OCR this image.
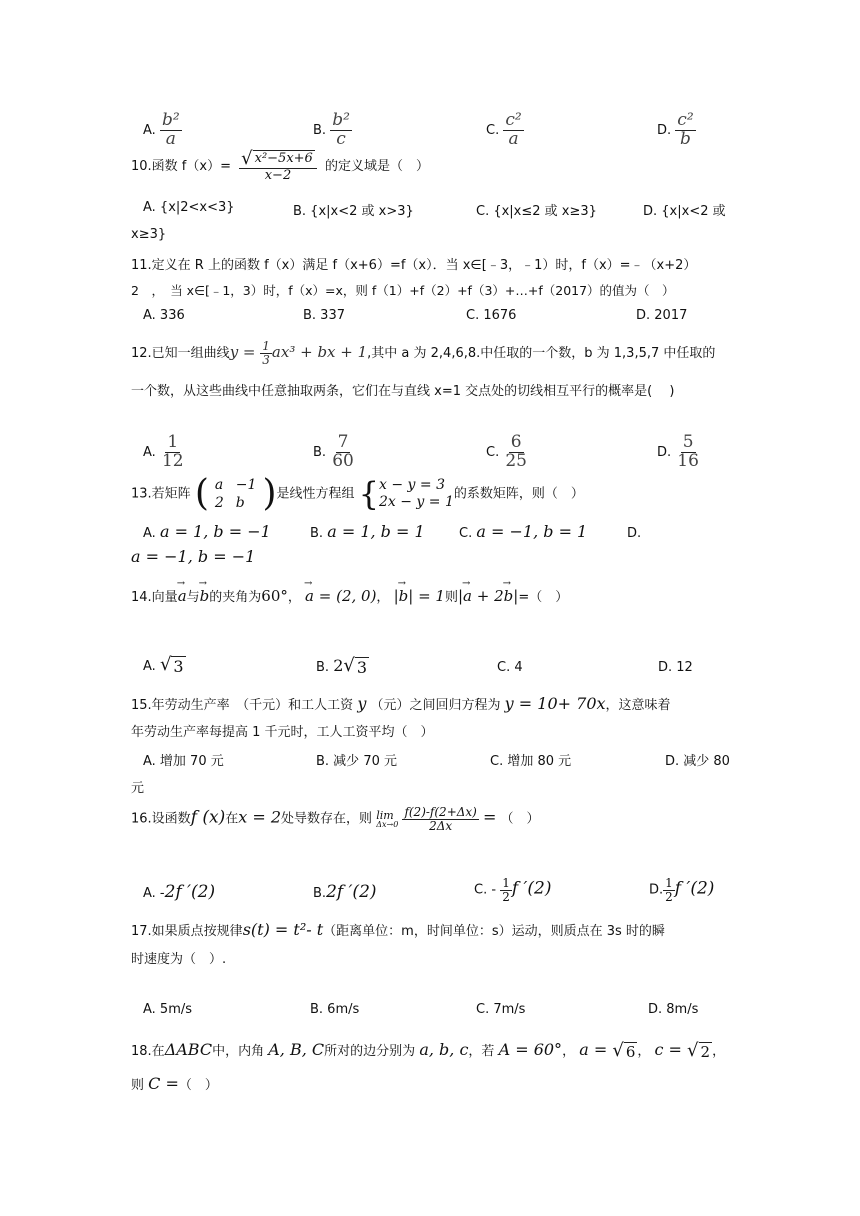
A. $\frac{\text{b²}}{a}$	B. $\frac{\text{b²}}{c}$	C. $\frac{\text{c²}}{a}$	D. $\frac{\text{c²}}{b}$
10.函数 $f(x)= \frac{\text{√ x²−5x+6}}{x-2}$ 的定义域是（　）
A. {x|2<x<3}	B. {x|x<2 或 x>3}	C. {x|x≤2 或 x≥3}	D. {x|x<2 或
x≥3}
11.定义在 R 上的函数 f（x）满足 f（x+6）=f（x）．当 x∈[﹣3，﹣1）时，f（x）=﹣（x+2）
2　，　当 x∈[﹣1，3）时，f（x）=x，则 f（1）+f（2）+f（3）+…+f（2017）的值为（　）
A. 336	B. 337	C. 1676	D. 2017
12.已知一组曲线$y = \frac{1}{3} ax^3$ + bx + 1,其中 a 为 2,4,6,8.中任取的一个数，b 为 1,3,5,7 中任取的
一个数，从这些曲线中任意抽取两条，它们在与直线 x=1 交点处的切线相互平行的概率是(　 )
A. $\frac{1}{12}$	B. $\frac{7}{60}$	C. $\frac{6}{25}$	D. $\frac{5}{16}$
13.若矩阵 ( a	−1
2	b ) 是线性方程组 { x − y = 3
2x − y = 1 的系数矩阵，则（　）
A. a = 1, b = −1	B. a = 1, b = 1	C. a = −1, b = 1	D.
a = −1, b = −1
14.向量→ a与→ b的夹角为60°， → a = (2, 0)， |→ b| = 1则|→ a + 2→ b|=（　）
A. √ 3	B. 2 √ 3	C. 4	D. 12
15.年劳动生产率　（千元）和工人工资 y （元）之间回归方程为 y = 10+ 70x，这意味着
年劳动生产率每提高 1 千元时，工人工资平均（　）
A. 增加 70 元	B. 减少 70 元	C. 增加 80 元	D. 减少 80
元
16.设函数f (x)在x = 2处导数存在，则 lim
Δx→0
$\frac{f(2)-f(2+\Delta x)}{2\Delta x}$ = （　）
A. -2f ′(2)	B.2f ′(2)	C. - $\frac{1}{2}$ f ′(2)	D. $\frac{1}{2}$ f ′(2)
17.如果质点按规律s(t) = t²- t（距离单位：m，时间单位：s）运动，则质点在 3s 时的瞬
时速度为（　）.
A. 5m/s	B. 6m/s	C. 7m/s	D. 8m/s
18.在ΔABC中，内角 A, B, C所对的边分别为 a, b, c，若 A = 60°， a = √ 6 ， c = √ 2 ，
则 C =（　）
